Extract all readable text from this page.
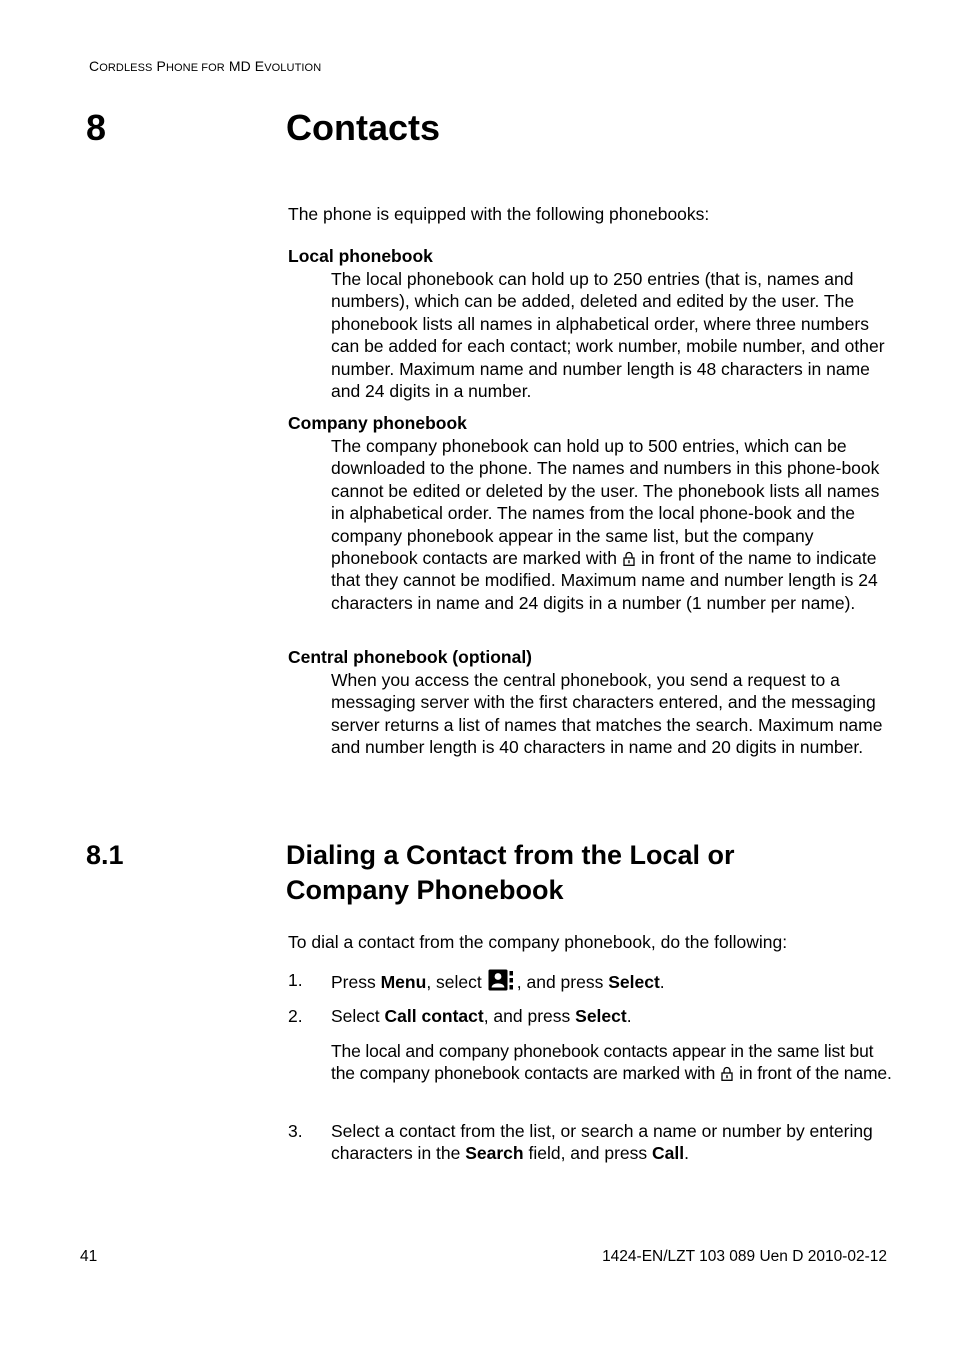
CORDLESS PHONE FOR MD EVOLUTION
8	Contacts
The phone is equipped with the following phonebooks:
Local phonebook
The local phonebook can hold up to 250 entries (that is, names and numbers), which can be added, deleted and edited by the user. The phonebook lists all names in alphabetical order, where three numbers can be added for each contact; work number, mobile number, and other number. Maximum name and number length is 48 characters in name and 24 digits in a number.
Company phonebook
The company phonebook can hold up to 500 entries, which can be downloaded to the phone. The names and numbers in this phone-book cannot be edited or deleted by the user. The phonebook lists all names in alphabetical order. The names from the local phone-book and the company phonebook appear in the same list, but the company phonebook contacts are marked with in front of the name to indicate that they cannot be modified. Maximum name and number length is 24 characters in name and 24 digits in a number (1 number per name).
Central phonebook (optional)
When you access the central phonebook, you send a request to a messaging server with the first characters entered, and the messaging server returns a list of names that matches the search. Maximum name and number length is 40 characters in name and 20 digits in number.
8.1	Dialing a Contact from the Local or Company Phonebook
To dial a contact from the company phonebook, do the following:
1. Press Menu, select , and press Select.
2. Select Call contact, and press Select.
The local and company phonebook contacts appear in the same list but the company phonebook contacts are marked with in front of the name.
3. Select a contact from the list, or search a name or number by entering characters in the Search field, and press Call.
41	1424-EN/LZT 103 089 Uen D 2010-02-12
